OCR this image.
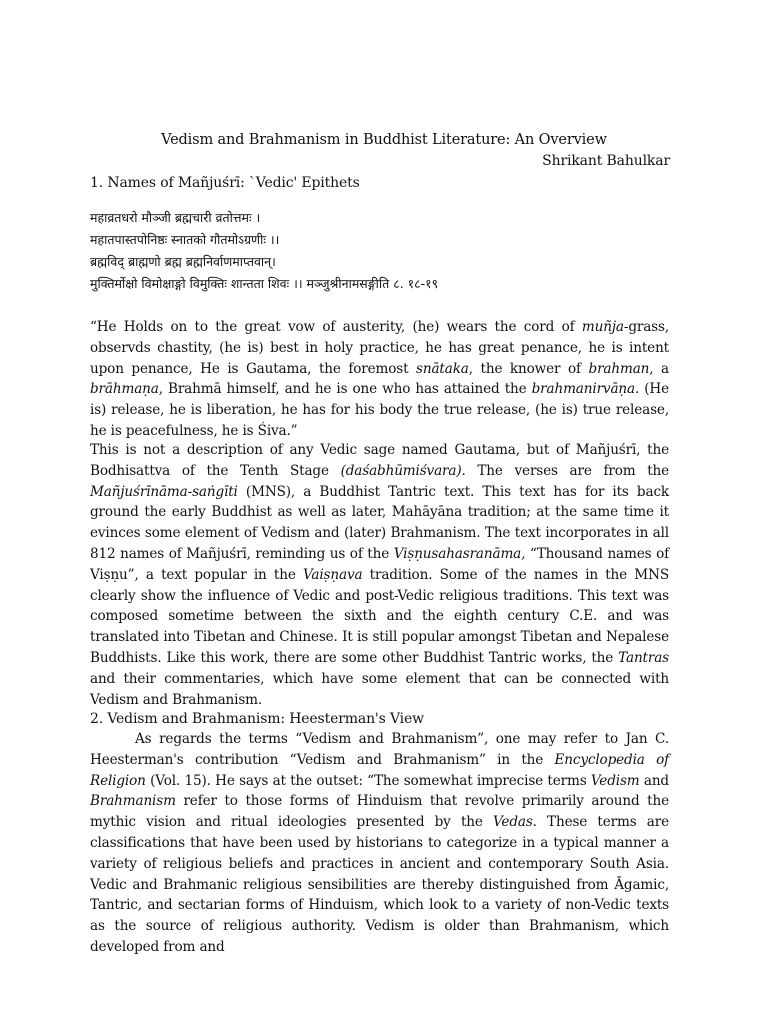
Vedism and Brahmanism in Buddhist Literature: An Overview
Shrikant Bahulkar
1. Names of Mañjuśrī: `Vedic' Epithets
महाव्रतधरो मौञ्जी ब्रह्मचारी व्रतोत्तमः ।
महातपास्तपोनिष्ठः स्नातको गौतमोऽग्रणीः ।।
ब्रह्मविद् ब्राह्मणो ब्रह्म ब्रह्मनिर्वाणमाप्तवान्।
मुक्तिर्मोक्षो विमोक्षाङ्गो विमुक्तिः शान्तता शिवः ।। मञ्जुश्रीनामसङ्गीति ८. १८-१९

“He Holds on to the great vow of austerity, (he) wears the cord of muñja-grass, observds chastity, (he is) best in holy practice, he has great penance, he is intent upon penance, He is Gautama, the foremost snātaka, the knower of brahman, a brāhmaṇa, Brahmā himself, and he is one who has attained the brahmanirvāṇa. (He is) release, he is liberation, he has for his body the true release, (he is) true release, he is peacefulness, he is Śiva.”

This is not a description of any Vedic sage named Gautama, but of Mañjuśrī, the Bodhisattva of the Tenth Stage (daśabhūmiśvara). The verses are from the Mañjuśrīnāma-saṅgīti (MNS), a Buddhist Tantric text. This text has for its back ground the early Buddhist as well as later, Mahāyāna tradition; at the same time it evinces some element of Vedism and (later) Brahmanism. The text incorporates in all 812 names of Mañjuśrī, reminding us of the Viṣṇusahasranāma, “Thousand names of Viṣṇu”, a text popular in the Vaiṣṇava tradition. Some of the names in the MNS clearly show the influence of Vedic and post-Vedic religious traditions. This text was composed sometime between the sixth and the eighth century C.E. and was translated into Tibetan and Chinese. It is still popular amongst Tibetan and Nepalese Buddhists. Like this work, there are some other Buddhist Tantric works, the Tantras and their commentaries, which have some element that can be connected with Vedism and Brahmanism.

2. Vedism and Brahmanism: Heesterman's View

As regards the terms “Vedism and Brahmanism”, one may refer to Jan C. Heesterman's contribution “Vedism and Brahmanism” in the Encyclopedia of Religion (Vol. 15). He says at the outset: “The somewhat imprecise terms Vedism and Brahmanism refer to those forms of Hinduism that revolve primarily around the mythic vision and ritual ideologies presented by the Vedas. These terms are classifications that have been used by historians to categorize in a typical manner a variety of religious beliefs and practices in ancient and contemporary South Asia. Vedic and Brahmanic religious sensibilities are thereby distinguished from Āgamic, Tantric, and sectarian forms of Hinduism, which look to a variety of non-Vedic texts as the source of religious authority. Vedism is older than Brahmanism, which developed from and
